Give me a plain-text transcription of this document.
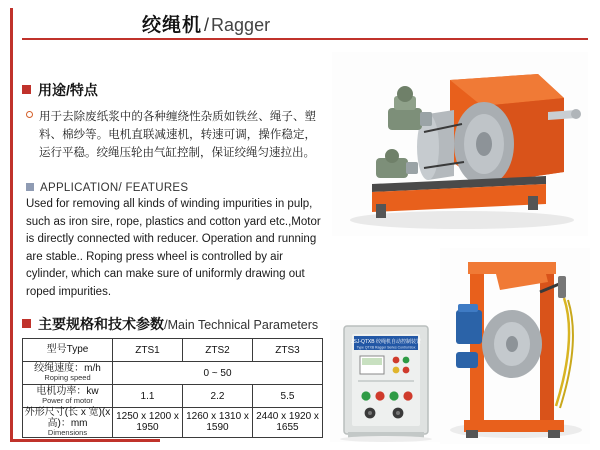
绞绳机 / Ragger
用途/特点
用于去除废纸浆中的各种缠绕性杂质如铁丝、绳子、塑料、棉纱等。电机直联减速机，转速可调，操作稳定，运行平稳。绞绳压轮由气缸控制，保证绞绳匀速拉出。
APPLICATION/ FEATURES
Used for removing all kinds of winding impurities in pulp, such as iron sire, rope, plastics and cotton yard etc.,Motor is directly connected with reducer. Operation and running are stable.. Roping press wheel is controlled by air cylinder, which can make sure of uniformly drawing out roped impurities.
主要规格和技术参数/Main Technical Parameters
型号Type	ZTS1	ZTS2	ZTS3
绞绳速度：m/h
Roping speed	0 ~ 50		
电机功率：kw
Power of motor	1.1	2.2	5.5
外形尺寸(长 x 宽)(x 高)：mm
Dimensions	1250 x 1200 x 1950	1260 x 1310 x 1590	2440 x 1920 x 1655
JSJ-QTXB 绞绳机自动控制装置
Type QTXB Ragger Series Control Box
